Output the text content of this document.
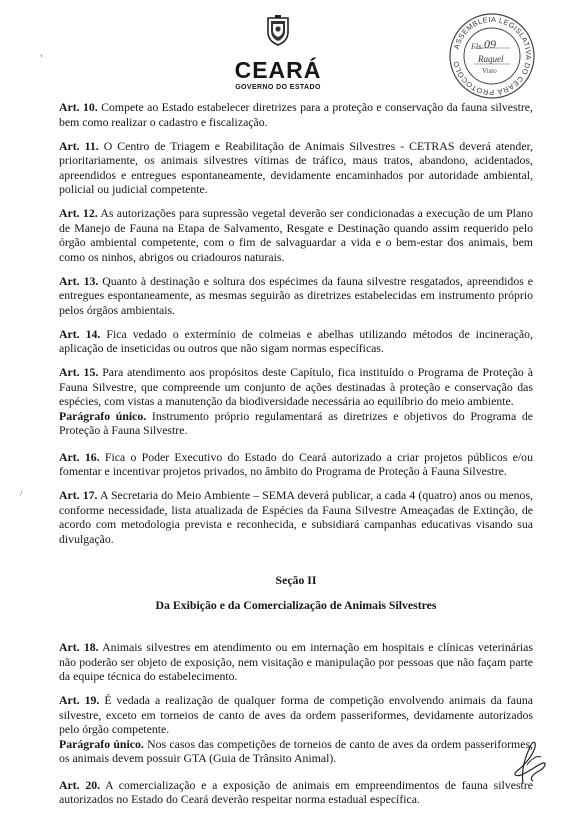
CEARÁ
GOVERNO DO ESTADO
ASSEMBLEIA LEGISLATIVA DO CEARÁ PROTOCOLO
Fls. 09
Raquel
Visto
‹
/

Art. 10. Compete ao Estado estabelecer diretrizes para a proteção e conservação da fauna silvestre, bem como realizar o cadastro e fiscalização.

Art. 11. O Centro de Triagem e Reabilitação de Animais Silvestres - CETRAS deverá atender, prioritariamente, os animais silvestres vítimas de tráfico, maus tratos, abandono, acidentados, apreendidos e entregues espontaneamente, devidamente encaminhados por autoridade ambiental, policial ou judicial competente.

Art. 12. As autorizações para supressão vegetal deverão ser condicionadas a execução de um Plano de Manejo de Fauna na Etapa de Salvamento, Resgate e Destinação quando assim requerido pelo órgão ambiental competente, com o fim de salvaguardar a vida e o bem-estar dos animais, bem como os ninhos, abrigos ou criadouros naturais.

Art. 13. Quanto à destinação e soltura dos espécimes da fauna silvestre resgatados, apreendidos e entregues espontaneamente, as mesmas seguirão as diretrizes estabelecidas em instrumento próprio pelos órgãos ambientais.

Art. 14. Fica vedado o extermínio de colmeias e abelhas utilizando métodos de incineração, aplicação de inseticidas ou outros que não sigam normas específicas.

Art. 15. Para atendimento aos propósitos deste Capítulo, fica instituído o Programa de Proteção à Fauna Silvestre, que compreende um conjunto de ações destinadas à proteção e conservação das espécies, com vistas a manutenção da biodiversidade necessária ao equilíbrio do meio ambiente.

Parágrafo único. Instrumento próprio regulamentará as diretrizes e objetivos do Programa de Proteção à Fauna Silvestre.

Art. 16. Fica o Poder Executivo do Estado do Ceará autorizado a criar projetos públicos e/ou fomentar e incentivar projetos privados, no âmbito do Programa de Proteção à Fauna Silvestre.

Art. 17. A Secretaria do Meio Ambiente – SEMA deverá publicar, a cada 4 (quatro) anos ou menos, conforme necessidade, lista atualizada de Espécies da Fauna Silvestre Ameaçadas de Extinção, de acordo com metodologia prevista e reconhecida, e subsidiará campanhas educativas visando sua divulgação.

Seção II
Da Exibição e da Comercialização de Animais Silvestres

Art. 18. Animais silvestres em atendimento ou em internação em hospitais e clínicas veterinárias não poderão ser objeto de exposição, nem visitação e manipulação por pessoas que não façam parte da equipe técnica do estabelecimento.

Art. 19. É vedada a realização de qualquer forma de competição envolvendo animais da fauna silvestre, exceto em torneios de canto de aves da ordem passeriformes, devidamente autorizados pelo órgão competente.

Parágrafo único. Nos casos das competições de torneios de canto de aves da ordem passeriformes, os animais devem possuir GTA (Guia de Trânsito Animal).

Art. 20. A comercialização e a exposição de animais em empreendimentos de fauna silvestre autorizados no Estado do Ceará deverão respeitar norma estadual específica.
